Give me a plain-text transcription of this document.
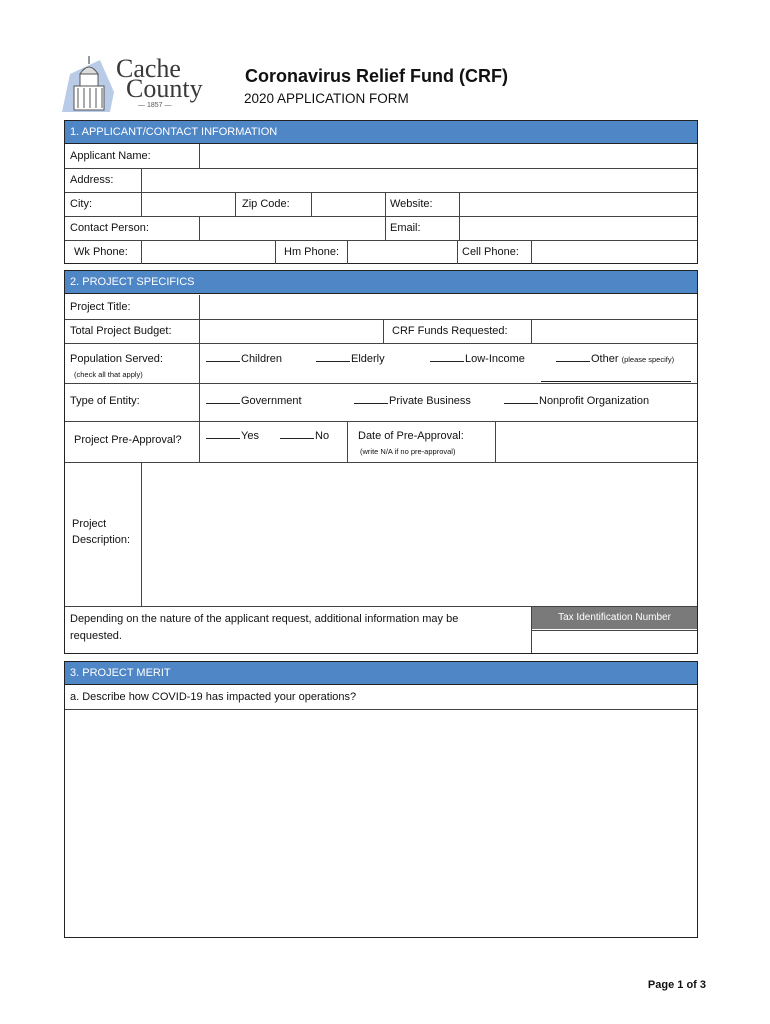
Cache
County
— 1857 —
Coronavirus Relief Fund (CRF)
2020 APPLICATION FORM
1. APPLICANT/CONTACT INFORMATION
Applicant Name:
Address:
City:	Zip Code:	Website:
Contact Person:	Email:
Wk Phone:	Hm Phone:	Cell Phone:
2. PROJECT SPECIFICS
Project Title:
Total Project Budget:	CRF Funds Requested:
Population Served:
(check all that apply)
Children	Elderly	Low-Income	Other (please specify)
Type of Entity:	Government	Private Business	Nonprofit Organization
Project Pre-Approval?	Yes	No	Date of Pre-Approval:
(write N/A if no pre-approval)
Project
Description:
Depending on the nature of the applicant request, additional information may be
requested.
Tax Identification Number
3. PROJECT MERIT
a. Describe how COVID-19 has impacted your operations?
Page 1 of 3
